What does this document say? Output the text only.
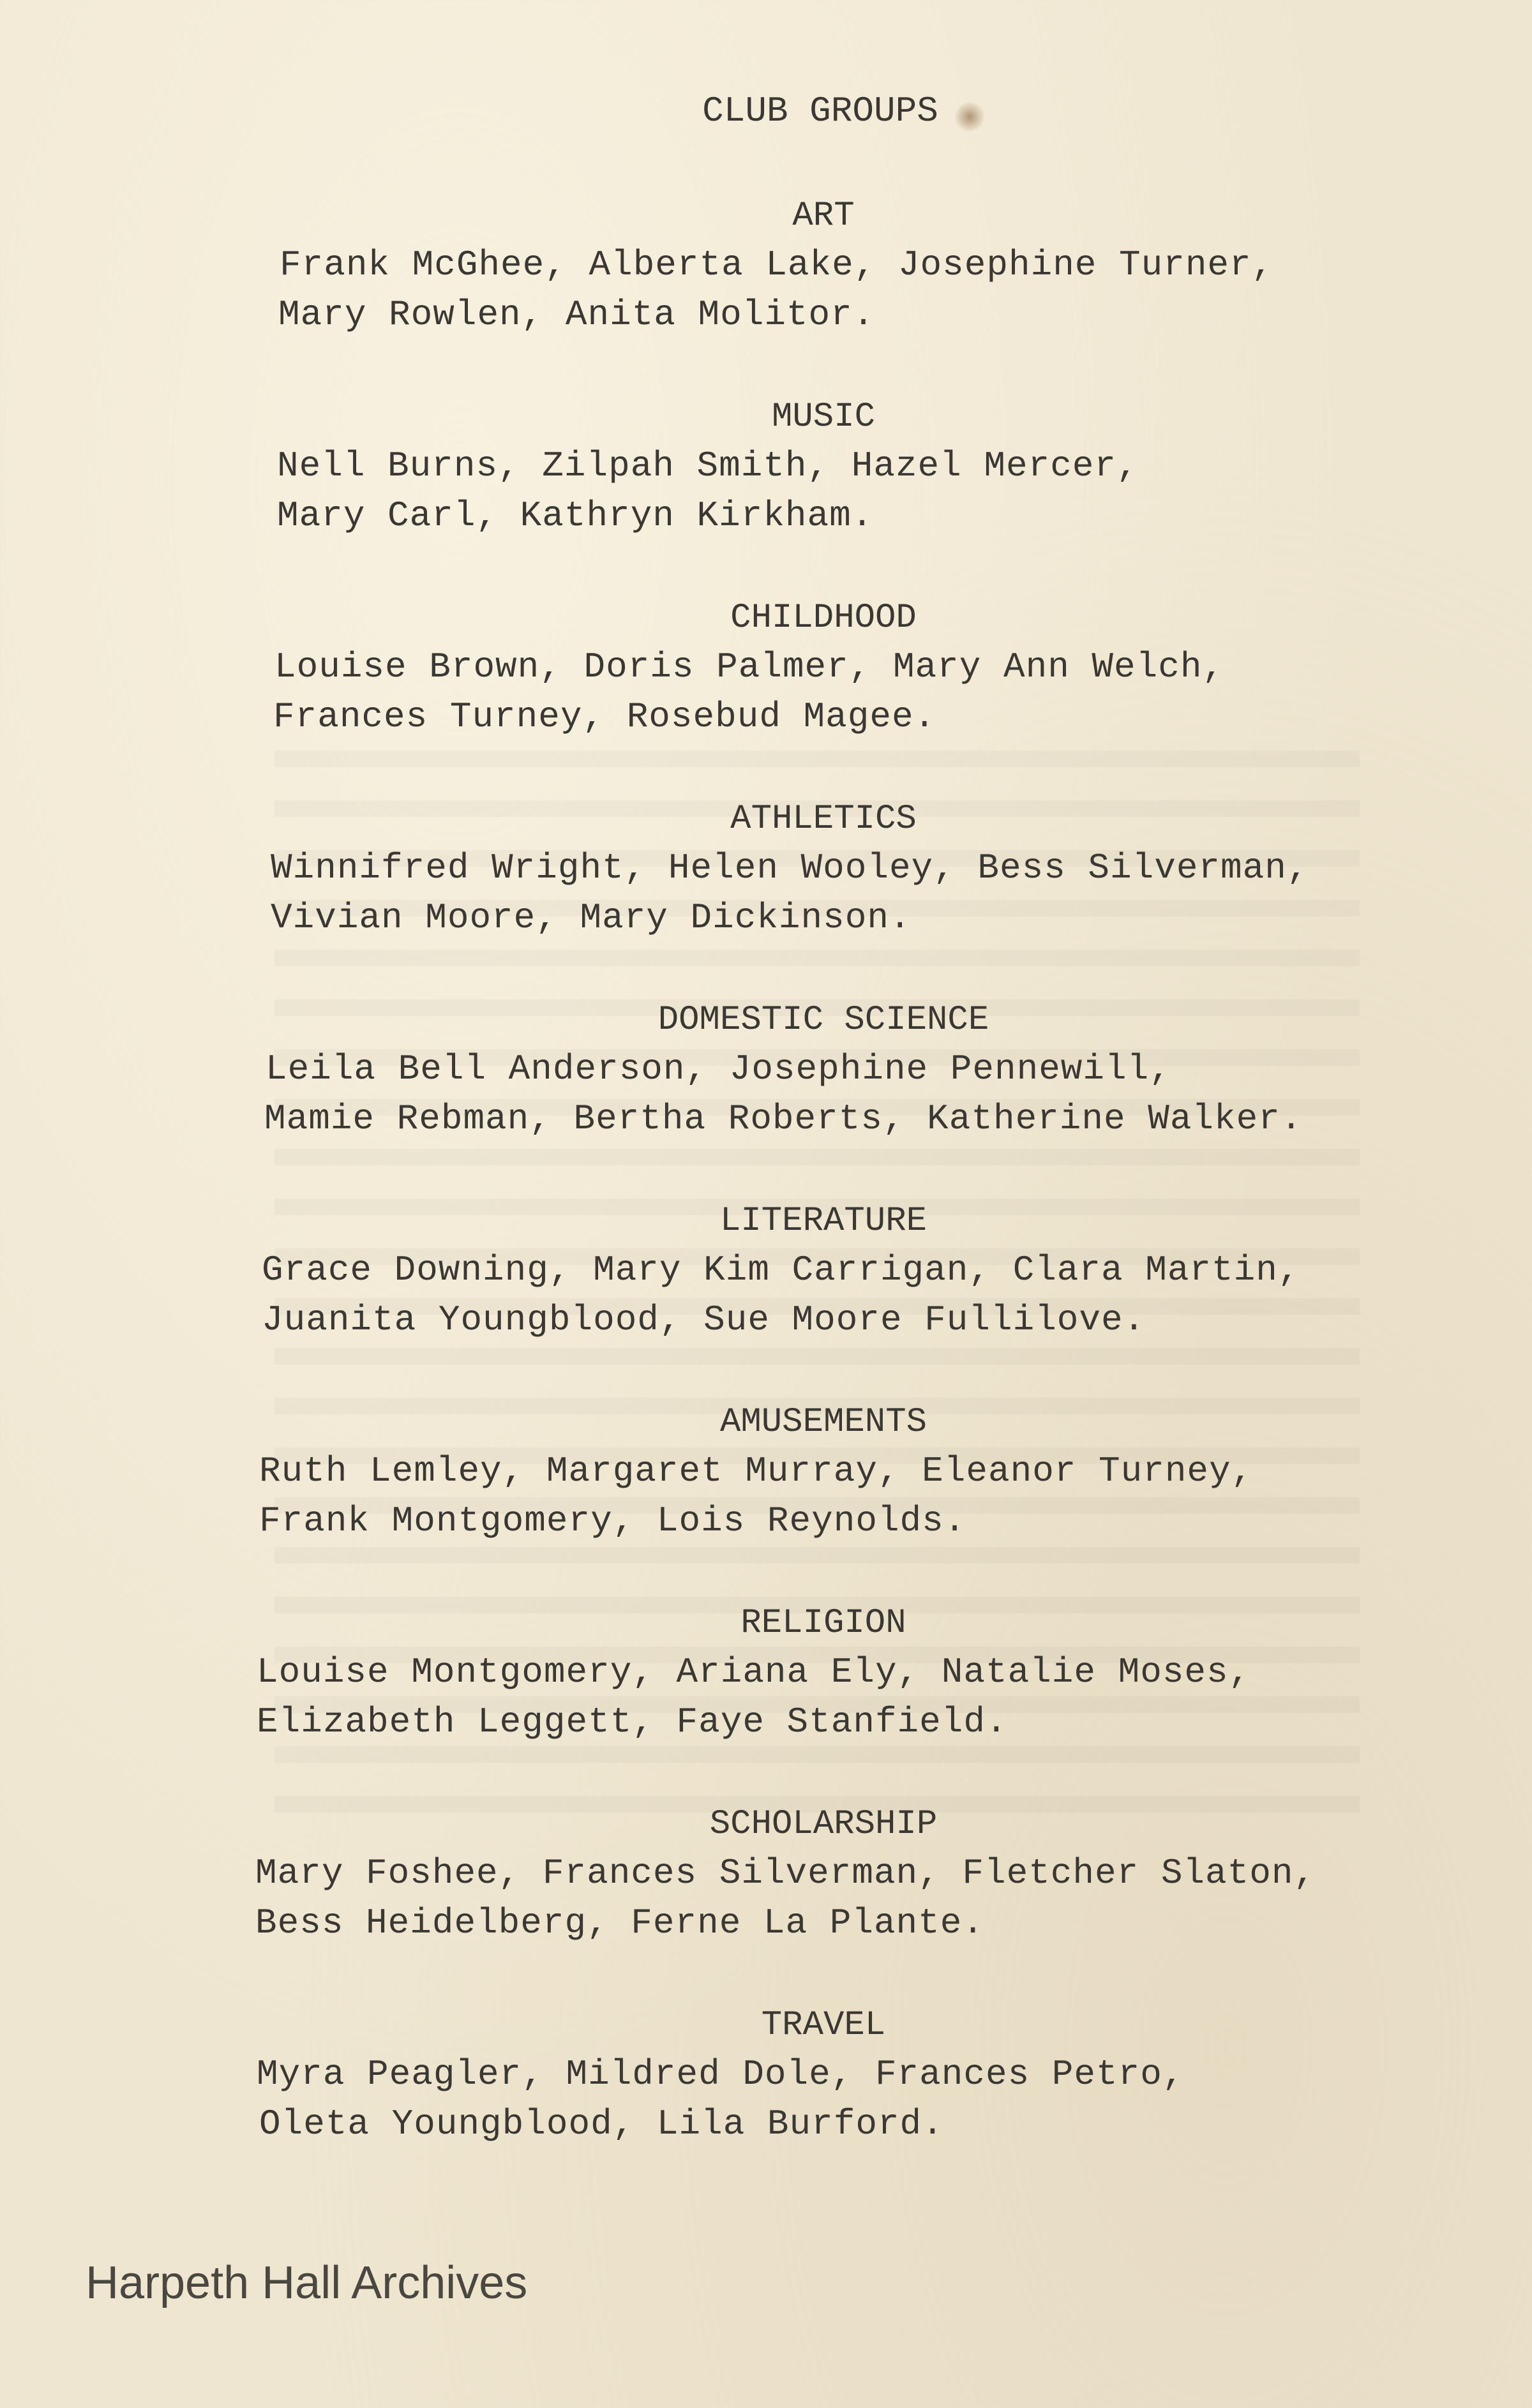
CLUB GROUPS
ART
Frank McGhee, Alberta Lake, Josephine Turner,
Mary Rowlen, Anita Molitor.
MUSIC
Nell Burns, Zilpah Smith, Hazel Mercer,
Mary Carl, Kathryn Kirkham.
CHILDHOOD
Louise Brown, Doris Palmer, Mary Ann Welch,
Frances Turney, Rosebud Magee.
ATHLETICS
Winnifred Wright, Helen Wooley, Bess Silverman,
Vivian Moore, Mary Dickinson.
DOMESTIC SCIENCE
Leila Bell Anderson, Josephine Pennewill,
Mamie Rebman, Bertha Roberts, Katherine Walker.
LITERATURE
Grace Downing, Mary Kim Carrigan, Clara Martin,
Juanita Youngblood, Sue Moore Fullilove.
AMUSEMENTS
Ruth Lemley, Margaret Murray, Eleanor Turney,
Frank Montgomery, Lois Reynolds.
RELIGION
Louise Montgomery, Ariana Ely, Natalie Moses,
Elizabeth Leggett, Faye Stanfield.
SCHOLARSHIP
Mary Foshee, Frances Silverman, Fletcher Slaton,
Bess Heidelberg, Ferne La Plante.
TRAVEL
Myra Peagler, Mildred Dole, Frances Petro,
Oleta Youngblood, Lila Burford.
Harpeth Hall Archives
